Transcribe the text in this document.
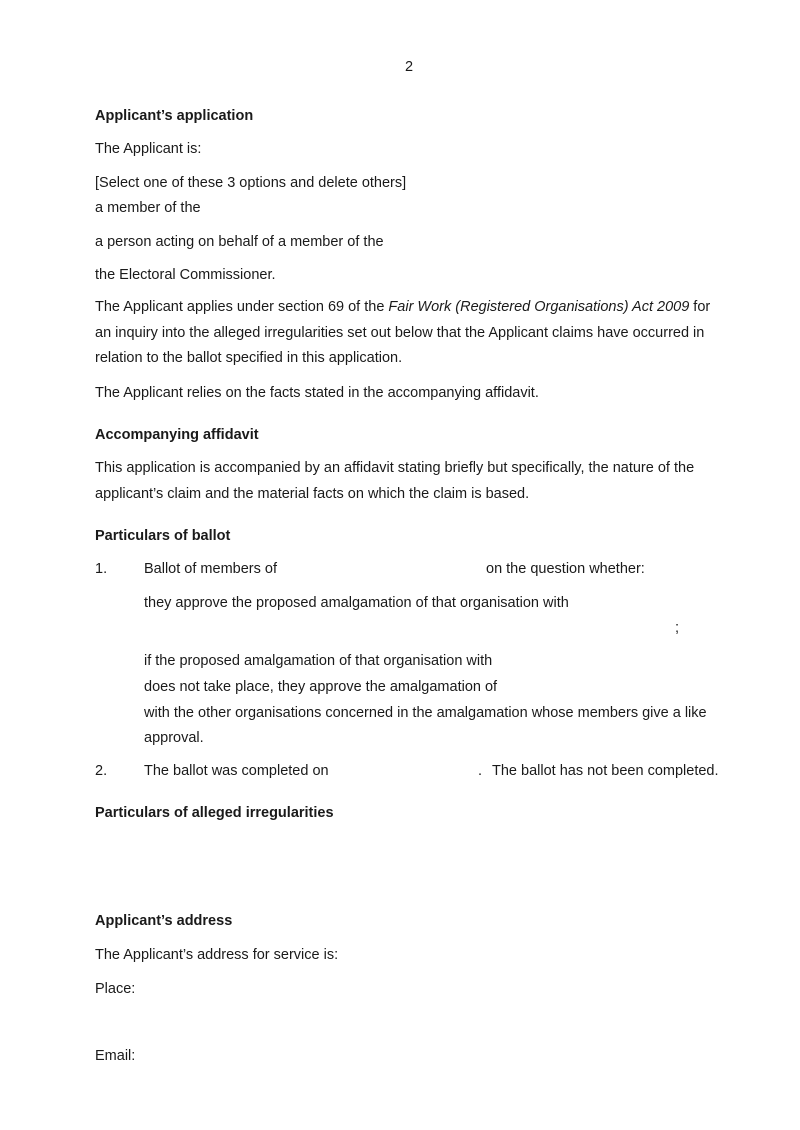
2
Applicant’s application
The Applicant is:
[Select one of these 3 options and delete others]
a member of the
a person acting on behalf of a member of the
the Electoral Commissioner.
The Applicant applies under section 69 of the Fair Work (Registered Organisations) Act 2009 for an inquiry into the alleged irregularities set out below that the Applicant claims have occurred in relation to the ballot specified in this application.
The Applicant relies on the facts stated in the accompanying affidavit.
Accompanying affidavit
This application is accompanied by an affidavit stating briefly but specifically, the nature of the applicant’s claim and the material facts on which the claim is based.
Particulars of ballot
1.	Ballot of members of	on the question whether:
they approve the proposed amalgamation of that organisation with
;
if the proposed amalgamation of that organisation with
does not take place, they approve the amalgamation of
with the other organisations concerned in the amalgamation whose members give a like
approval.
2.	The ballot was completed on	. The ballot has not been completed.
Particulars of alleged irregularities
Applicant’s address
The Applicant’s address for service is:
Place:
Email:
